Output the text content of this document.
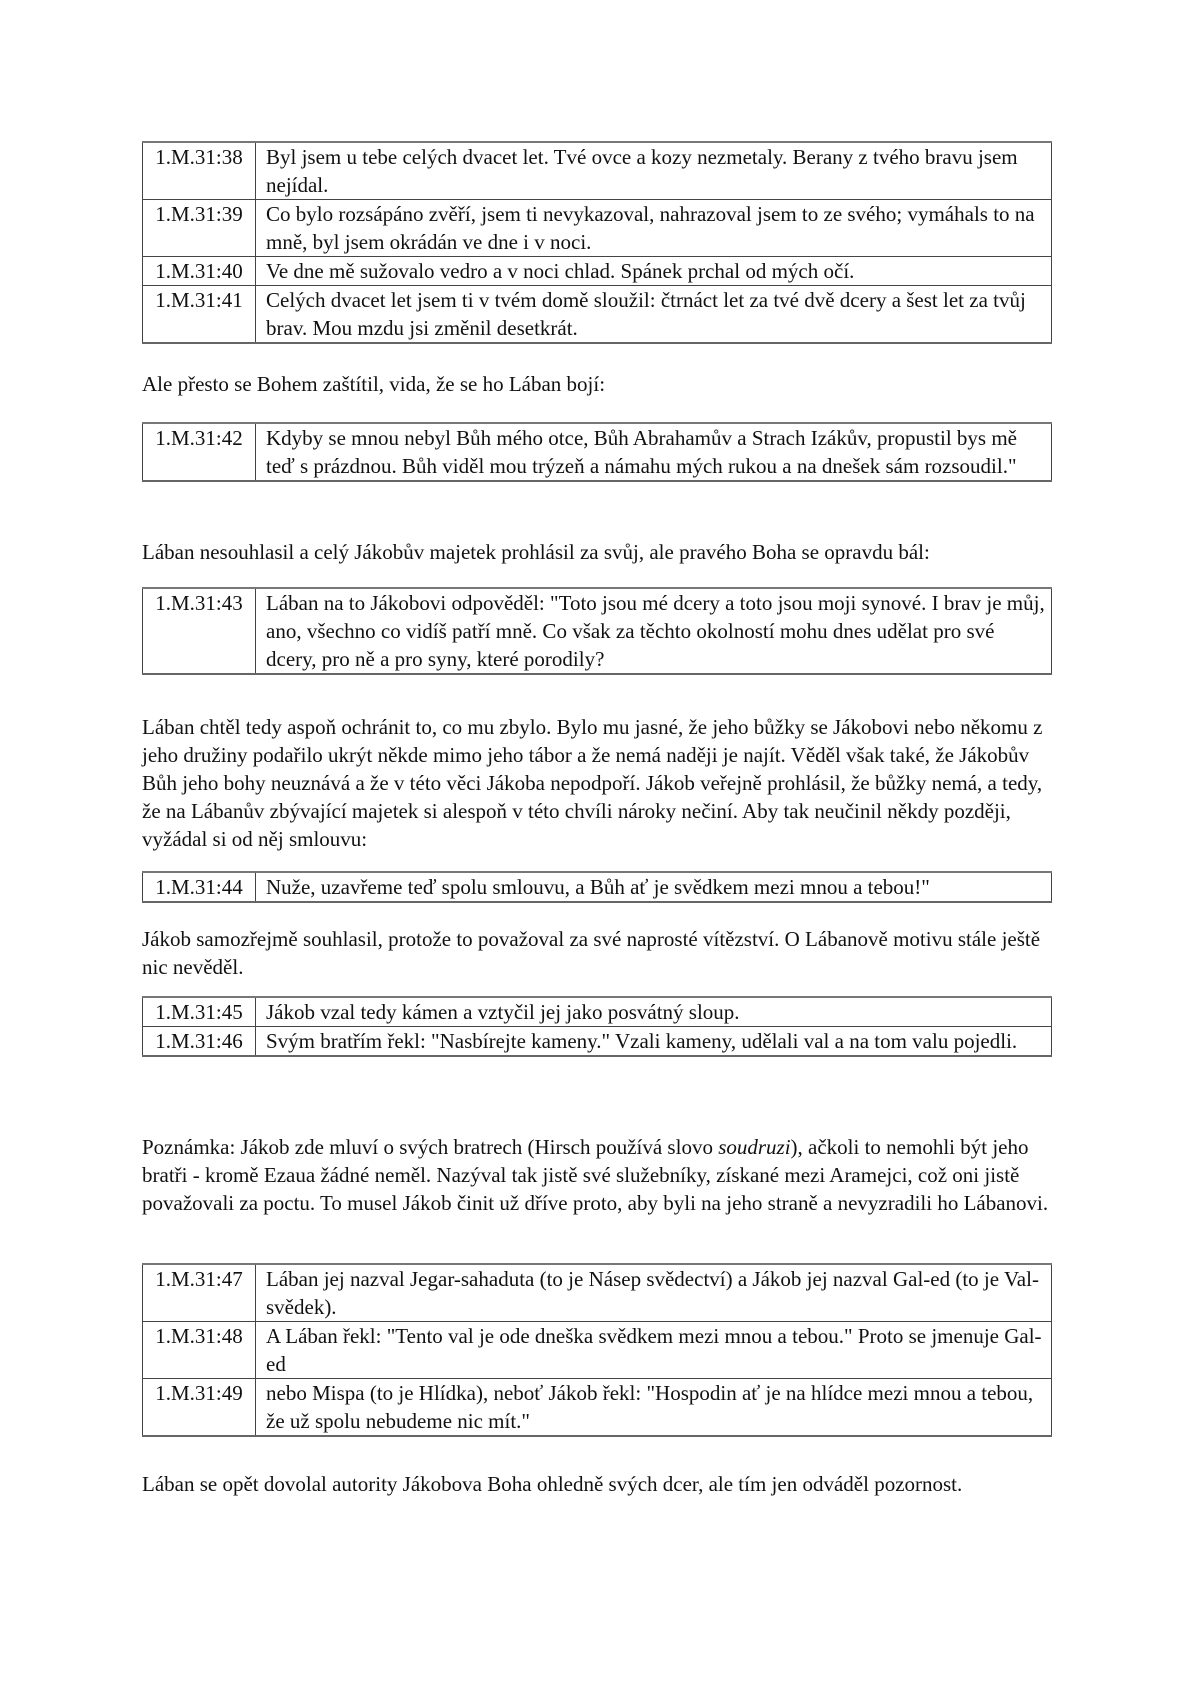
1.M.31:38	Byl jsem u tebe celých dvacet let. Tvé ovce a kozy nezmetaly. Berany z tvého bravu jsem nejídal.
1.M.31:39	Co bylo rozsápáno zvěří, jsem ti nevykazoval, nahrazoval jsem to ze svého; vymáhals to na mně, byl jsem okrádán ve dne i v noci.
1.M.31:40	Ve dne mě sužovalo vedro a v noci chlad. Spánek prchal od mých očí.
1.M.31:41	Celých dvacet let jsem ti v tvém domě sloužil: čtrnáct let za tvé dvě dcery a šest let za tvůj brav. Mou mzdu jsi změnil desetkrát.

Ale přesto se Bohem zaštítil, vida, že se ho Lában bojí:

1.M.31:42	Kdyby se mnou nebyl Bůh mého otce, Bůh Abrahamův a Strach Izákův, propustil bys mě teď s prázdnou. Bůh viděl mou trýzeň a námahu mých rukou a na dnešek sám rozsoudil."

Lában nesouhlasil a celý Jákobův majetek prohlásil za svůj, ale pravého Boha se opravdu bál:

1.M.31:43	Lában na to Jákobovi odpověděl: "Toto jsou mé dcery a toto jsou moji synové. I brav je můj, ano, všechno co vidíš patří mně. Co však za těchto okolností mohu dnes udělat pro své dcery, pro ně a pro syny, které porodily?

Lában chtěl tedy aspoň ochránit to, co mu zbylo. Bylo mu jasné, že jeho bůžky se Jákobovi nebo někomu z jeho družiny podařilo ukrýt někde mimo jeho tábor a že nemá naději je najít. Věděl však také, že Jákobův Bůh jeho bohy neuznává a že v této věci Jákoba nepodpoří. Jákob veřejně prohlásil, že bůžky nemá, a tedy, že na Lábanův zbývající majetek si alespoň v této chvíli nároky nečiní. Aby tak neučinil někdy později, vyžádal si od něj smlouvu:

1.M.31:44	Nuže, uzavřeme teď spolu smlouvu, a Bůh ať je svědkem mezi mnou a tebou!"

Jákob samozřejmě souhlasil, protože to považoval za své naprosté vítězství. O Lábanově motivu stále ještě nic nevěděl.

1.M.31:45	Jákob vzal tedy kámen a vztyčil jej jako posvátný sloup.
1.M.31:46	Svým bratřím řekl: "Nasbírejte kameny." Vzali kameny, udělali val a na tom valu pojedli.

Poznámka: Jákob zde mluví o svých bratrech (Hirsch používá slovo soudruzi), ačkoli to nemohli být jeho bratři - kromě Ezaua žádné neměl. Nazýval tak jistě své služebníky, získané mezi Aramejci, což oni jistě považovali za poctu. To musel Jákob činit už dříve proto, aby byli na jeho straně a nevyzradili ho Lábanovi.

1.M.31:47	Lában jej nazval Jegar-sahaduta (to je Násep svědectví) a Jákob jej nazval Gal-ed (to je Val-svědek).
1.M.31:48	A Lában řekl: "Tento val je ode dneška svědkem mezi mnou a tebou." Proto se jmenuje Gal-ed
1.M.31:49	nebo Mispa (to je Hlídka), neboť Jákob řekl: "Hospodin ať je na hlídce mezi mnou a tebou, že už spolu nebudeme nic mít."

Lában se opět dovolal autority Jákobova Boha ohledně svých dcer, ale tím jen odváděl pozornost.
